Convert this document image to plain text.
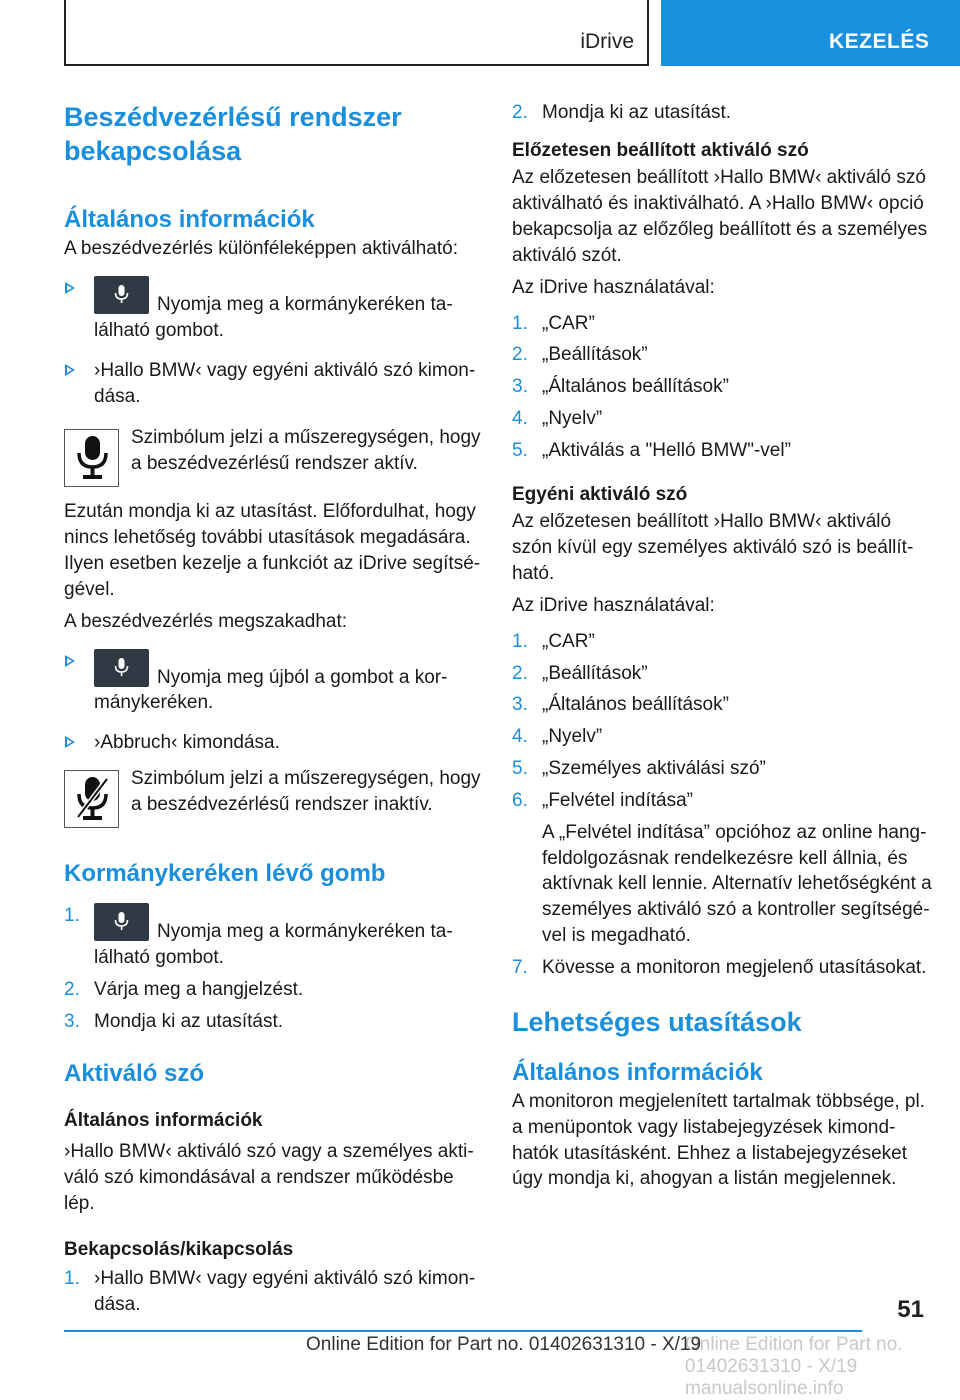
iDrive	KEZELÉS
Beszédvezérlésű rendszer bekapcsolása
Általános információk

A beszédvezérlés különféleképpen aktiválható:

Nyomja meg a kormánykeréken található gombot.
›Hallo BMW‹ vagy egyéni aktiváló szó kimondása.

Szimbólum jelzi a műszeregységen, hogy a beszédvezérlésű rendszer aktív.

Ezután mondja ki az utasítást. Előfordulhat, hogy nincs lehetőség további utasítások megadására. Ilyen esetben kezelje a funkciót az iDrive segítségével.

A beszédvezérlés megszakadhat:

Nyomja meg újból a gombot a kormánykeréken.
›Abbruch‹ kimondása.

Szimbólum jelzi a műszeregységen, hogy a beszédvezérlésű rendszer inaktív.

Kormánykeréken lévő gomb
1.
Nyomja meg a kormánykeréken található gombot.
2. Várja meg a hangjelzést.
3. Mondja ki az utasítást.
Aktiváló szó
Általános információk

›Hallo BMW‹ aktiváló szó vagy a személyes aktiváló szó kimondásával a rendszer működésbe lép.

Bekapcsolás/kikapcsolás
1. ›Hallo BMW‹ vagy egyéni aktiváló szó kimondása.
2. Mondja ki az utasítást.
Előzetesen beállított aktiváló szó

Az előzetesen beállított ›Hallo BMW‹ aktiváló szó aktiválható és inaktiválható. A ›Hallo BMW‹ opció bekapcsolja az előzőleg beállított és a személyes aktiváló szót.

Az iDrive használatával:

1. „CAR”
2. „Beállítások”
3. „Általános beállítások”
4. „Nyelv”
5. „Aktiválás a "Helló BMW"-vel”
Egyéni aktiváló szó

Az előzetesen beállított ›Hallo BMW‹ aktiváló szón kívül egy személyes aktiváló szó is beállítható.

Az iDrive használatával:

1. „CAR”
2. „Beállítások”
3. „Általános beállítások”
4. „Nyelv”
5. „Személyes aktiválási szó”
6. „Felvétel indítása”

A „Felvétel indítása” opcióhoz az online hangfeldolgozásnak rendelkezésre kell állnia, és aktívnak kell lennie. Alternatív lehetőségként a személyes aktiváló szó a kontroller segítségével is megadható.

7. Kövesse a monitoron megjelenő utasításokat.
Lehetséges utasítások
Általános információk

A monitoron megjelenített tartalmak többsége, pl. a menüpontok vagy listabejegyzések kimondhatók utasításként. Ehhez a listabejegyzéseket úgy mondja ki, ahogyan a listán megjelennek.

51
Online Edition for Part no. 01402631310 - X/19 manualsonline.info
Online Edition for Part no. 01402631310 - X/19
